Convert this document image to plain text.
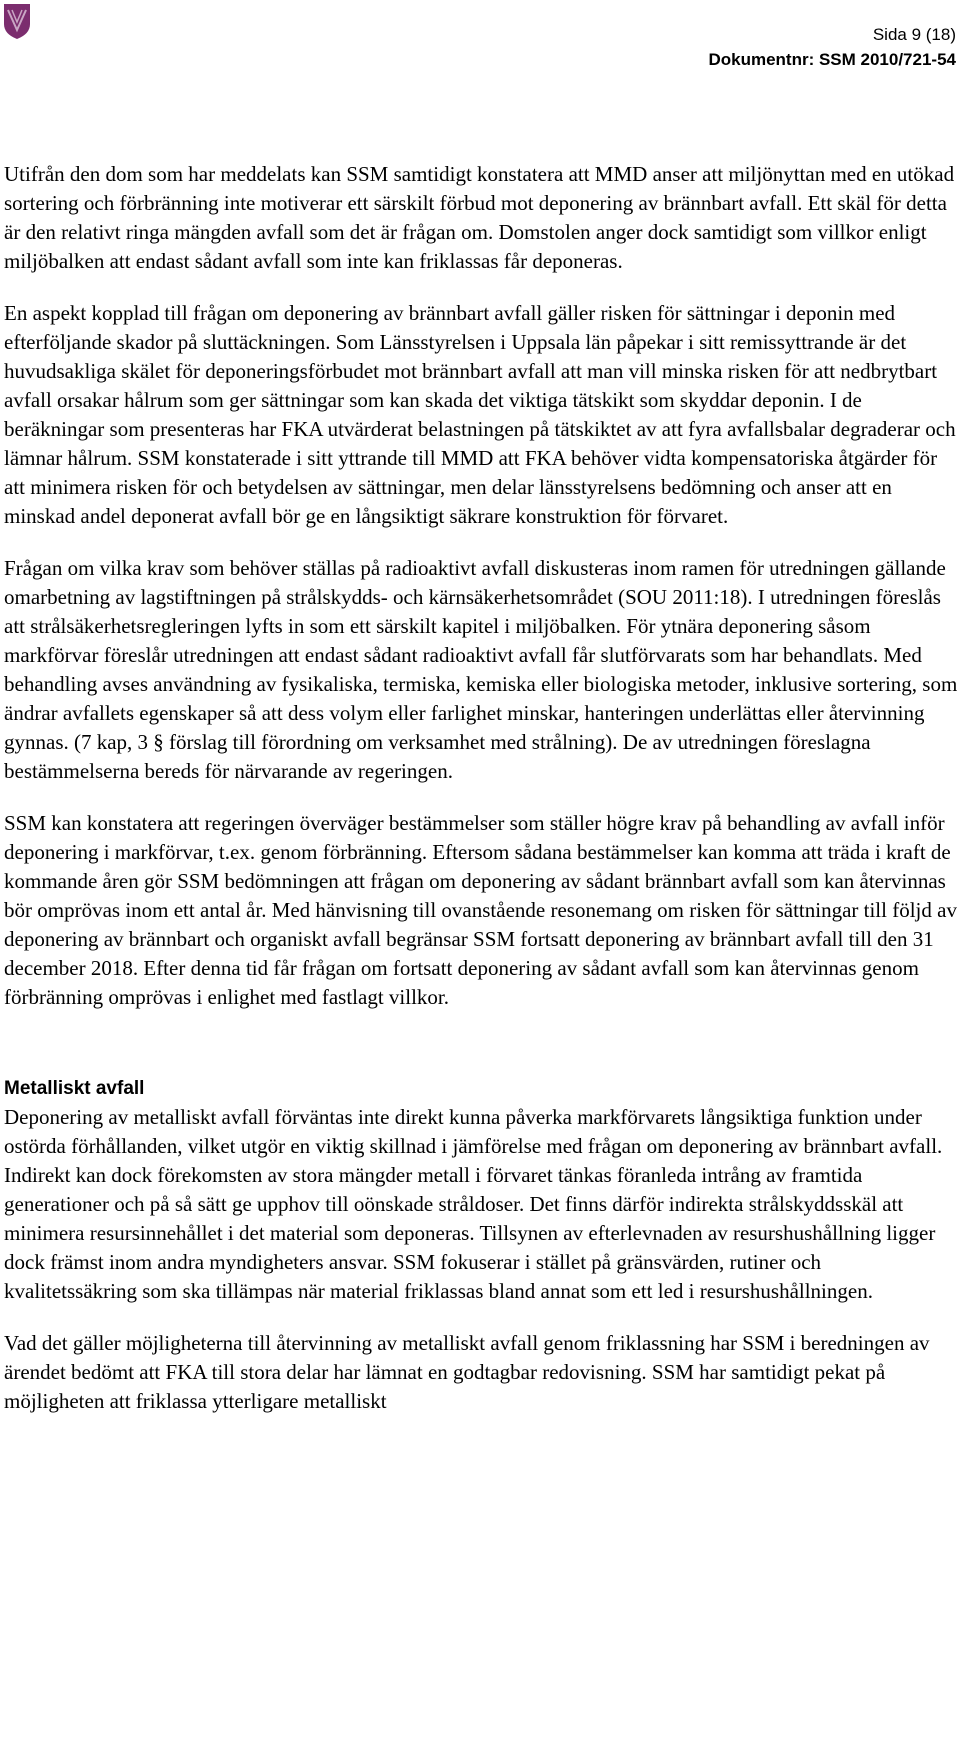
Sida 9 (18)
Dokumentnr: SSM 2010/721-54

Utifrån den dom som har meddelats kan SSM samtidigt konstatera att MMD anser att miljönyttan med en utökad sortering och förbränning inte motiverar ett särskilt förbud mot deponering av brännbart avfall. Ett skäl för detta är den relativt ringa mängden avfall som det är frågan om. Domstolen anger dock samtidigt som villkor enligt miljöbalken att endast sådant avfall som inte kan friklassas får deponeras.

En aspekt kopplad till frågan om deponering av brännbart avfall gäller risken för sättningar i deponin med efterföljande skador på sluttäckningen. Som Länsstyrelsen i Uppsala län påpekar i sitt remissyttrande är det huvudsakliga skälet för deponeringsförbudet mot brännbart avfall att man vill minska risken för att nedbrytbart avfall orsakar hålrum som ger sättningar som kan skada det viktiga tätskikt som skyddar deponin. I de beräkningar som presenteras har FKA utvärderat belastningen på tätskiktet av att fyra avfallsbalar degraderar och lämnar hålrum. SSM konstaterade i sitt yttrande till MMD att FKA behöver vidta kompensatoriska åtgärder för att minimera risken för och betydelsen av sättningar, men delar länsstyrelsens bedömning och anser att en minskad andel deponerat avfall bör ge en långsiktigt säkrare konstruktion för förvaret.

Frågan om vilka krav som behöver ställas på radioaktivt avfall diskusteras inom ramen för utredningen gällande omarbetning av lagstiftningen på strålskydds- och kärnsäkerhetsområdet (SOU 2011:18). I utredningen föreslås att strålsäkerhetsregleringen lyfts in som ett särskilt kapitel i miljöbalken. För ytnära deponering såsom markförvar föreslår utredningen att endast sådant radioaktivt avfall får slutförvarats som har behandlats. Med behandling avses användning av fysikaliska, termiska, kemiska eller biologiska metoder, inklusive sortering, som ändrar avfallets egenskaper så att dess volym eller farlighet minskar, hanteringen underlättas eller återvinning gynnas. (7 kap, 3 § förslag till förordning om verksamhet med strålning). De av utredningen föreslagna bestämmelserna bereds för närvarande av regeringen.

SSM kan konstatera att regeringen överväger bestämmelser som ställer högre krav på behandling av avfall inför deponering i markförvar, t.ex. genom förbränning. Eftersom sådana bestämmelser kan komma att träda i kraft de kommande åren gör SSM bedömningen att frågan om deponering av sådant brännbart avfall som kan återvinnas bör omprövas inom ett antal år. Med hänvisning till ovanstående resonemang om risken för sättningar till följd av deponering av brännbart och organiskt avfall begränsar SSM fortsatt deponering av brännbart avfall till den 31 december 2018. Efter denna tid får frågan om fortsatt deponering av sådant avfall som kan återvinnas genom förbränning omprövas i enlighet med fastlagt villkor.

Metalliskt avfall

Deponering av metalliskt avfall förväntas inte direkt kunna påverka markförvarets långsiktiga funktion under ostörda förhållanden, vilket utgör en viktig skillnad i jämförelse med frågan om deponering av brännbart avfall. Indirekt kan dock förekomsten av stora mängder metall i förvaret tänkas föranleda intrång av framtida generationer och på så sätt ge upphov till oönskade stråldoser. Det finns därför indirekta strålskyddsskäl att minimera resursinnehållet i det material som deponeras. Tillsynen av efterlevnaden av resurshushållning ligger dock främst inom andra myndigheters ansvar. SSM fokuserar i stället på gränsvärden, rutiner och kvalitetssäkring som ska tillämpas när material friklassas bland annat som ett led i resurshushållningen.

Vad det gäller möjligheterna till återvinning av metalliskt avfall genom friklassning har SSM i beredningen av ärendet bedömt att FKA till stora delar har lämnat en godtagbar redovisning. SSM har samtidigt pekat på möjligheten att friklassa ytterligare metalliskt
